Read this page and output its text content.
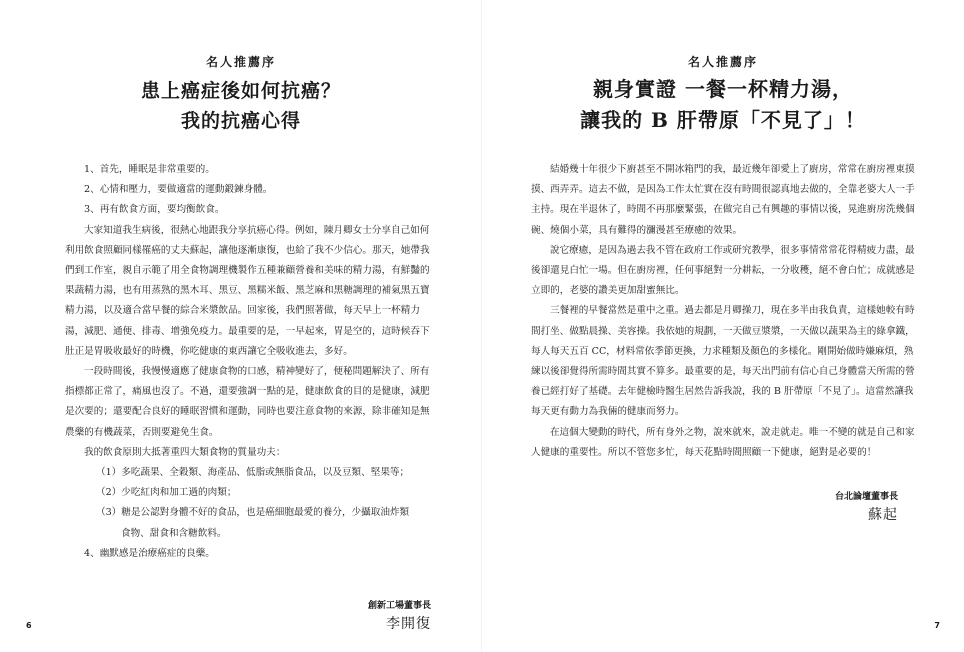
名人推薦序
患上癌症後如何抗癌？
我的抗癌心得

1、首先，睡眠是非常重要的。

2、心情和壓力，要做適當的運動鍛鍊身體。

3、再有飲食方面，要均衡飲食。

大家知道我生病後，很熱心地跟我分享抗癌心得。例如，陳月卿女士分享自己如何利用飲食照顧同樣罹癌的丈夫蘇起，讓他逐漸康復，也給了我不少信心。那天，她帶我們到工作室，親自示範了用全食物調理機製作五種兼顧營養和美味的精力湯，有鮮豔的果蔬精力湯，也有用蒸熟的黑木耳、黑豆、黑糯米飯、黑芝麻和黑糖調理的補氣黑五寶精力湯，以及適合當早餐的綜合米漿飲品。回家後，我們照著做，每天早上一杯精力湯，減肥、通便、排毒、增強免疫力。最重要的是，一早起來，胃是空的，這時候吞下肚正是胃吸收最好的時機，你吃健康的東西讓它全吸收進去，多好。

一段時間後，我慢慢適應了健康食物的口感，精神變好了，便秘問題解決了、所有指標都正常了，痛風也沒了。不過，還要強調一點的是，健康飲食的目的是健康，減肥是次要的；還要配合良好的睡眠習慣和運動，同時也要注意食物的來源，除非確知是無農藥的有機蔬菜，否則要避免生食。

我的飲食原則大抵著重四大類食物的質量功夫：

（1）多吃蔬果、全穀類、海產品、低脂或無脂食品，以及豆類、堅果等；

（2）少吃紅肉和加工過的肉類；

（3）糖是公認對身體不好的食品，也是癌細胞最愛的養分，少攝取油炸類

食物、甜食和含糖飲料。

4、幽默感是治療癌症的良藥。

創新工場董事長
李開復
6
名人推薦序
親身實證 一餐一杯精力湯，
讓我的 B 肝帶原「不見了」！

結婚幾十年很少下廚甚至不開冰箱門的我，最近幾年卻愛上了廚房，常常在廚房裡東摸摸、西弄弄。這去不做，是因為工作太忙實在沒有時間很認真地去做的，全靠老婆大人一手主持。現在半退休了，時間不再那麼緊張，在做完自己有興趣的事情以後，晃進廚房洗幾個碗、燒個小菜，具有難得的瀰漫甚至療癒的效果。

說它療癒，是因為過去我不管在政府工作或研究教學，很多事情常常花得精疲力盡，最後卻還見白忙一場。但在廚房裡，任何事絕對一分耕耘，一分收穫，絕不會白忙；成就感是立即的，老婆的讚美更加甜蜜無比。

三餐裡的早餐當然是重中之重。過去都是月卿操刀，現在多半由我負責，這樣她較有時間打坐、做點晨操、美容操。我依她的規劃，一天做豆漿漿，一天做以蔬果為主的綠拿鐵，每人每天五百 CC，材料常依季節更換，力求種類及顏色的多樣化。剛開始做時嫌麻煩，熟練以後卻覺得所需時間其實不算多。最重要的是，每天出門前有信心自己身體當天所需的營養已經打好了基礎。去年健檢時醫生居然告訴我說，我的 B 肝帶原「不見了」。這當然讓我每天更有動力為我倆的健康而努力。

在這個大變動的時代，所有身外之物，說來就來，說走就走。唯一不變的就是自己和家人健康的重要性。所以不管您多忙，每天花點時間照顧一下健康，絕對是必要的！

台北論壇董事長
蘇起
7
